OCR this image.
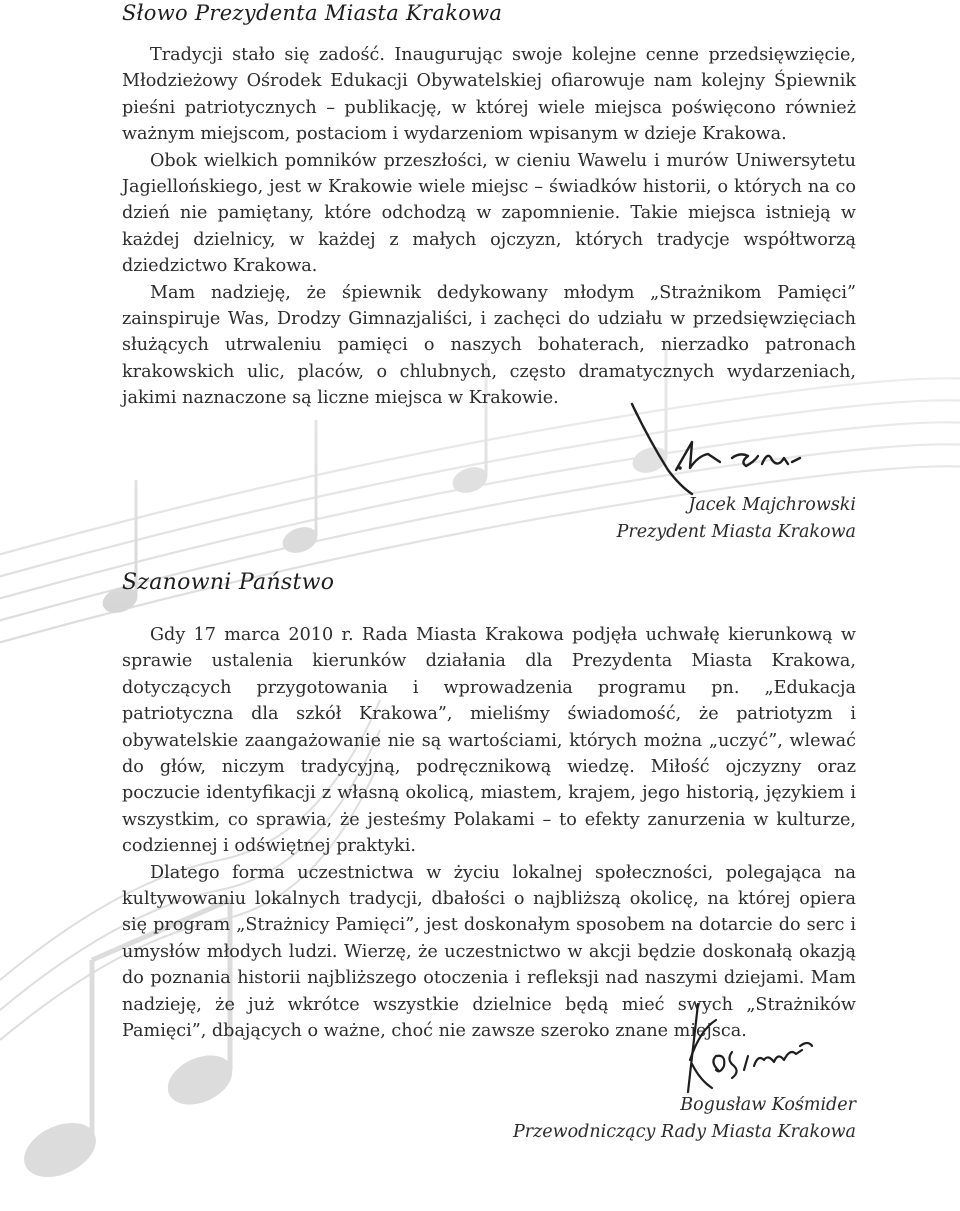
Słowo Prezydenta Miasta Krakowa

Tradycji stało się zadość. Inaugurując swoje kolejne cenne przedsięwzięcie, Młodzieżowy Ośrodek Edukacji Obywatelskiej ofiarowuje nam kolejny Śpiewnik pieśni patriotycznych – publikację, w której wiele miejsca poświęcono również ważnym miejscom, postaciom i wydarzeniom wpisanym w dzieje Krakowa.

Obok wielkich pomników przeszłości, w cieniu Wawelu i murów Uniwersytetu Jagiellońskiego, jest w Krakowie wiele miejsc – świadków historii, o których na co dzień nie pamiętany, które odchodzą w zapomnienie. Takie miejsca istnieją w każdej dzielnicy, w każdej z małych ojczyzn, których tradycje współtworzą dziedzictwo Krakowa.

Mam nadzieję, że śpiewnik dedykowany młodym „Strażnikom Pamięci” zainspiruje Was, Drodzy Gimnazjaliści, i zachęci do udziału w przedsięwzięciach służących utrwaleniu pamięci o naszych bohaterach, nierzadko patronach krakowskich ulic, placów, o chlubnych, często dramatycznych wydarzeniach, jakimi naznaczone są liczne miejsca w Krakowie.

Jacek Majchrowski
Prezydent Miasta Krakowa
Szanowni Państwo

Gdy 17 marca 2010 r. Rada Miasta Krakowa podjęła uchwałę kierunkową w sprawie ustalenia kierunków działania dla Prezydenta Miasta Krakowa, dotyczących przygotowania i wprowadzenia programu pn. „Edukacja patriotyczna dla szkół Krakowa”, mieliśmy świadomość, że patriotyzm i obywatelskie zaangażowanie nie są wartościami, których można „uczyć”, wlewać do głów, niczym tradycyjną, podręcznikową wiedzę. Miłość ojczyzny oraz poczucie identyfikacji z własną okolicą, miastem, krajem, jego historią, językiem i wszystkim, co sprawia, że jesteśmy Polakami – to efekty zanurzenia w kulturze, codziennej i odświętnej praktyki.

Dlatego forma uczestnictwa w życiu lokalnej społeczności, polegająca na kultywowaniu lokalnych tradycji, dbałości o najbliższą okolicę, na której opiera się program „Strażnicy Pamięci”, jest doskonałym sposobem na dotarcie do serc i umysłów młodych ludzi. Wierzę, że uczestnictwo w akcji będzie doskonałą okazją do poznania historii najbliższego otoczenia i refleksji nad naszymi dziejami. Mam nadzieję, że już wkrótce wszystkie dzielnice będą mieć swych „Strażników Pamięci”, dbających o ważne, choć nie zawsze szeroko znane miejsca.

Bogusław Kośmider
Przewodniczący Rady Miasta Krakowa
